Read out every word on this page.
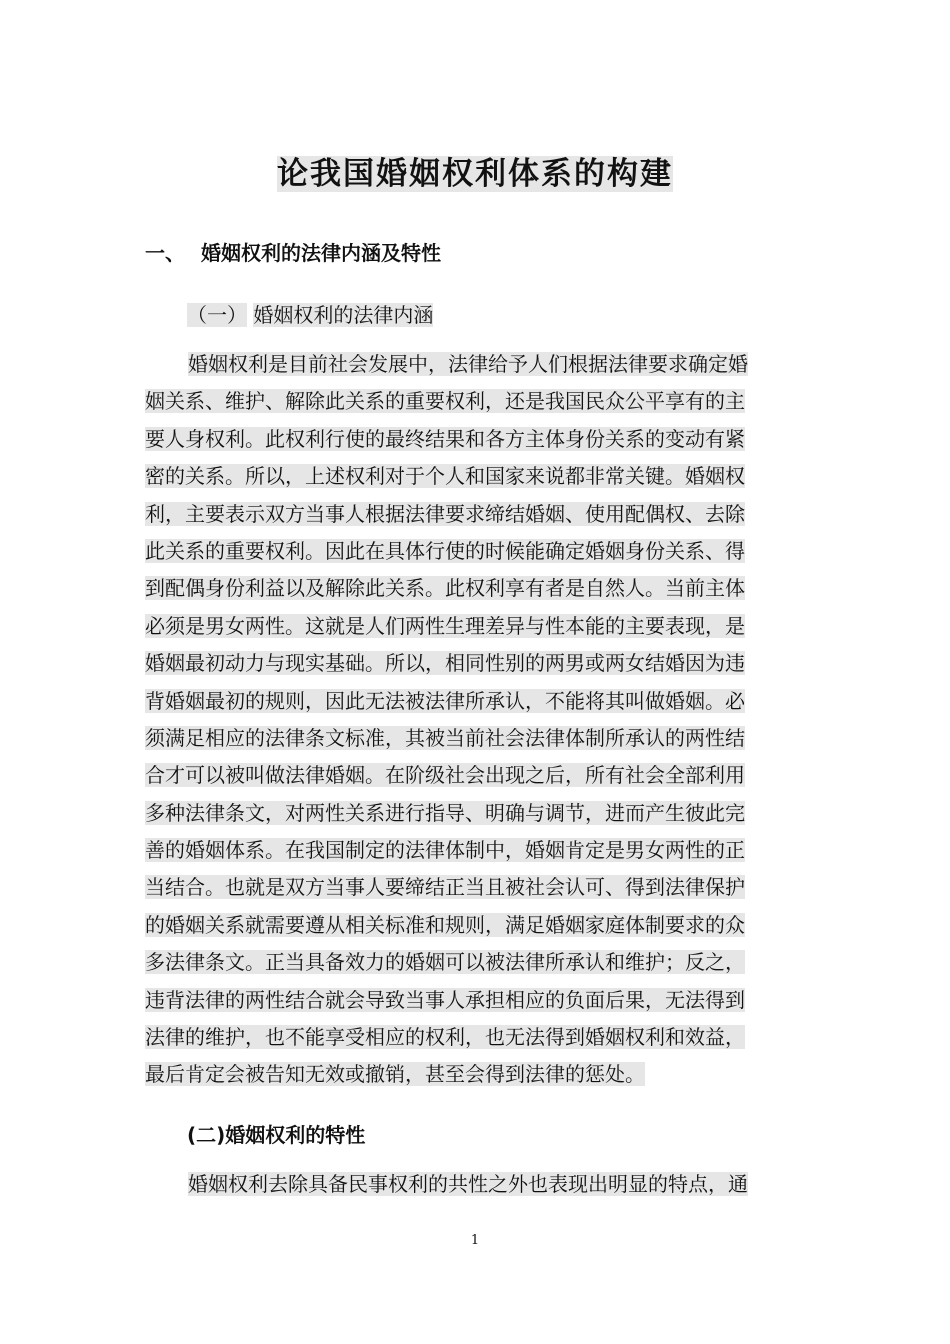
论我国婚姻权利体系的构建
一、 婚姻权利的法律内涵及特性
（一） 婚姻权利的法律内涵
婚姻权利是目前社会发展中，法律给予人们根据法律要求确定婚
姻关系、维护、解除此关系的重要权利，还是我国民众公平享有的主
要人身权利。此权利行使的最终结果和各方主体身份关系的变动有紧
密的关系。所以，上述权利对于个人和国家来说都非常关键。婚姻权
利，主要表示双方当事人根据法律要求缔结婚姻、使用配偶权、去除
此关系的重要权利。因此在具体行使的时候能确定婚姻身份关系、得
到配偶身份利益以及解除此关系。此权利享有者是自然人。当前主体
必须是男女两性。这就是人们两性生理差异与性本能的主要表现，是
婚姻最初动力与现实基础。所以，相同性别的两男或两女结婚因为违
背婚姻最初的规则，因此无法被法律所承认，不能将其叫做婚姻。必
须满足相应的法律条文标准，其被当前社会法律体制所承认的两性结
合才可以被叫做法律婚姻。在阶级社会出现之后，所有社会全部利用
多种法律条文，对两性关系进行指导、明确与调节，进而产生彼此完
善的婚姻体系。在我国制定的法律体制中，婚姻肯定是男女两性的正
当结合。也就是双方当事人要缔结正当且被社会认可、得到法律保护
的婚姻关系就需要遵从相关标准和规则，满足婚姻家庭体制要求的众
多法律条文。正当具备效力的婚姻可以被法律所承认和维护；反之，
违背法律的两性结合就会导致当事人承担相应的负面后果，无法得到
法律的维护，也不能享受相应的权利，也无法得到婚姻权利和效益，
最后肯定会被告知无效或撤销，甚至会得到法律的惩处。
(二)婚姻权利的特性
婚姻权利去除具备民事权利的共性之外也表现出明显的特点，通
1
